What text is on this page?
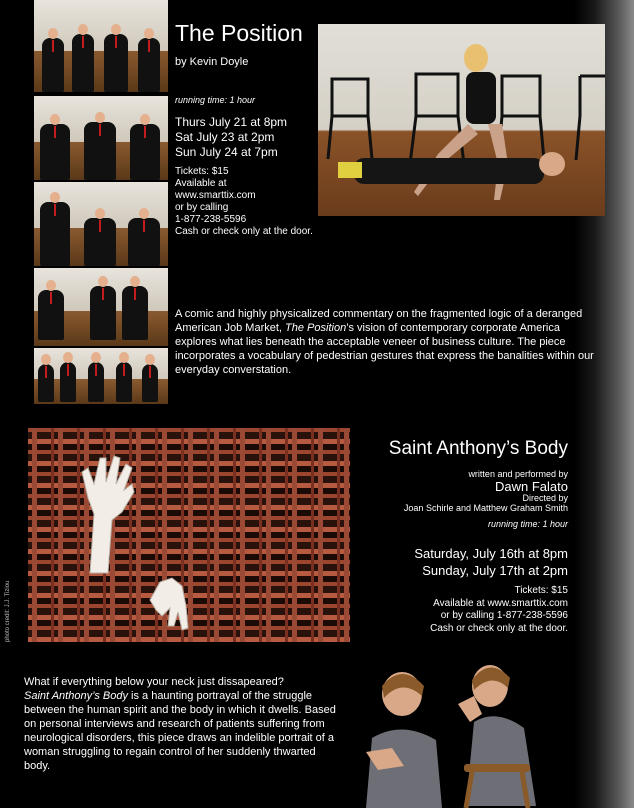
The Position

by Kevin Doyle

running time: 1 hour

Thurs July 21 at 8pm
Sat July 23 at 2pm
Sun July 24 at 7pm
Tickets: $15
Available at
www.smarttix.com
or by calling
1-877-238-5596
Cash or check only at the door.

A comic and highly physicalized commentary on the fragmented logic of a deranged American Job Market, The Position’s vision of contemporary corporate America explores what lies beneath the acceptable veneer of business culture. The piece incorporates a vocabulary of pedestrian gestures that express the banalities within our everyday converstation.

photo credit: J.J. Tiziou

Saint Anthony’s Body

written and performed by

Dawn Falato

Directed by

Joan Schirle and Matthew Graham Smith

running time: 1 hour

Saturday, July 16th at 8pm
Sunday, July 17th at 2pm
Tickets: $15
Available at www.smarttix.com
or by calling 1-877-238-5596
Cash or check only at the door.

What if everything below your neck just dissapeared?
Saint Anthony’s Body is a haunting portrayal of the struggle between the human spirit and the body in which it dwells. Based on personal interviews and research of patients suffering from neurological disorders, this piece draws an indelible portrait of a woman struggling to regain control of her suddenly thwarted body.
